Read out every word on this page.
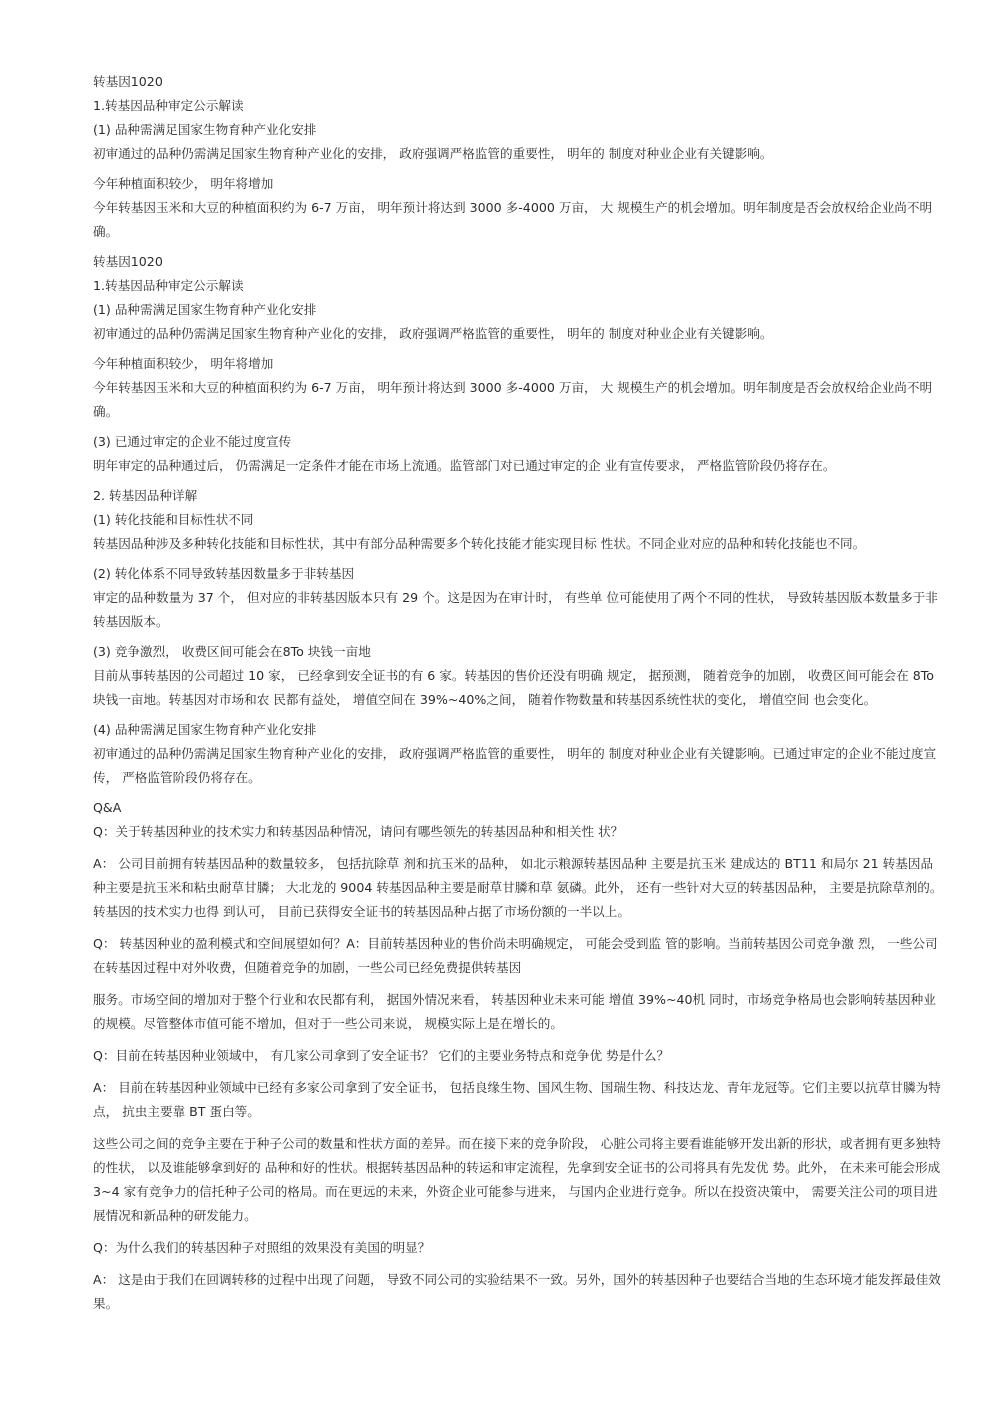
转基因1020

1.转基因品种审定公示解读

(1) 品种需满足国家生物育种产业化安排

初审通过的品种仍需满足国家生物育种产业化的安排， 政府强调严格监管的重要性， 明年的 制度对种业企业有关键影响。

今年种植面积较少， 明年将增加

今年转基因玉米和大豆的种植面积约为 6-7 万亩， 明年预计将达到 3000 多-4000 万亩， 大 规模生产的机会增加。明年制度是否会放权给企业尚不明确。

转基因1020

1.转基因品种审定公示解读

(1) 品种需满足国家生物育种产业化安排

初审通过的品种仍需满足国家生物育种产业化的安排， 政府强调严格监管的重要性， 明年的 制度对种业企业有关键影响。

今年种植面积较少， 明年将增加

今年转基因玉米和大豆的种植面积约为 6-7 万亩， 明年预计将达到 3000 多-4000 万亩， 大 规模生产的机会增加。明年制度是否会放权给企业尚不明确。

(3) 已通过审定的企业不能过度宣传

明年审定的品种通过后， 仍需满足一定条件才能在市场上流通。监管部门对已通过审定的企 业有宣传要求， 严格监管阶段仍将存在。

2. 转基因品种详解

(1) 转化技能和目标性状不同

转基因品种涉及多种转化技能和目标性状，其中有部分品种需要多个转化技能才能实现目标 性状。不同企业对应的品种和转化技能也不同。

(2) 转化体系不同导致转基因数量多于非转基因

审定的品种数量为 37 个， 但对应的非转基因版本只有 29 个。这是因为在审计时， 有些单 位可能使用了两个不同的性状， 导致转基因版本数量多于非转基因版本。

(3) 竞争激烈， 收费区间可能会在8To 块钱一亩地

目前从事转基因的公司超过 10 家， 已经拿到安全证书的有 6 家。转基因的售价还没有明确 规定， 据预测， 随着竞争的加剧， 收费区间可能会在 8To 块钱一亩地。转基因对市场和农 民都有益处， 增值空间在 39%~40%之间， 随着作物数量和转基因系统性状的变化， 增值空间 也会变化。

(4) 品种需满足国家生物育种产业化安排

初审通过的品种仍需满足国家生物育种产业化的安排， 政府强调严格监管的重要性， 明年的 制度对种业企业有关键影响。已通过审定的企业不能过度宣传， 严格监管阶段仍将存在。

Q&A

Q：关于转基因种业的技术实力和转基因品种情况，请问有哪些领先的转基因品种和相关性 状？

A： 公司目前拥有转基因品种的数量较多， 包括抗除草 剂和抗玉米的品种， 如北示粮源转基因品种 主要是抗玉米 建成达的 BT11 和局尔 21 转基因品种主要是抗玉米和粘虫耐草甘膦； 大北龙的 9004 转基因品种主要是耐草甘膦和草 氨磷。此外， 还有一些针对大豆的转基因品种， 主要是抗除草剂的。转基因的技术实力也得 到认可， 目前已获得安全证书的转基因品种占据了市场份额的一半以上。

Q： 转基因种业的盈利模式和空间展望如何？A：目前转基因种业的售价尚未明确规定， 可能会受到监 管的影响。当前转基因公司竞争激 烈， 一些公司在转基因过程中对外收费，但随着竞争的加剧，一些公司已经免费提供转基因

服务。市场空间的增加对于整个行业和农民都有利， 据国外情况来看， 转基因种业未来可能 增值 39%~40机 同时，市场竞争格局也会影响转基因种业的规模。尽管整体市值可能不增加，但对于一些公司来说， 规模实际上是在增长的。

Q：目前在转基因种业领域中， 有几家公司拿到了安全证书？ 它们的主要业务特点和竞争优 势是什么？

A： 目前在转基因种业领域中已经有多家公司拿到了安全证书， 包括良缘生物、国风生物、国瑞生物、科技达龙、青年龙冠等。它们主要以抗草甘膦为特点， 抗虫主要靠 BT 蛋白等。

这些公司之间的竞争主要在于种子公司的数量和性状方面的差异。而在接下来的竞争阶段， 心脏公司将主要看谁能够开发出新的形状，或者拥有更多独特的性状， 以及谁能够拿到好的 品种和好的性状。根据转基因品种的转运和审定流程，先拿到安全证书的公司将具有先发优 势。此外， 在未来可能会形成 3~4 家有竞争力的信托种子公司的格局。而在更远的未来，外资企业可能参与进来， 与国内企业进行竞争。所以在投资决策中， 需要关注公司的项目进 展情况和新品种的研发能力。

Q：为什么我们的转基因种子对照组的效果没有美国的明显？

A： 这是由于我们在回调转移的过程中出现了问题， 导致不同公司的实验结果不一致。另外，国外的转基因种子也要结合当地的生态环境才能发挥最佳效果。
